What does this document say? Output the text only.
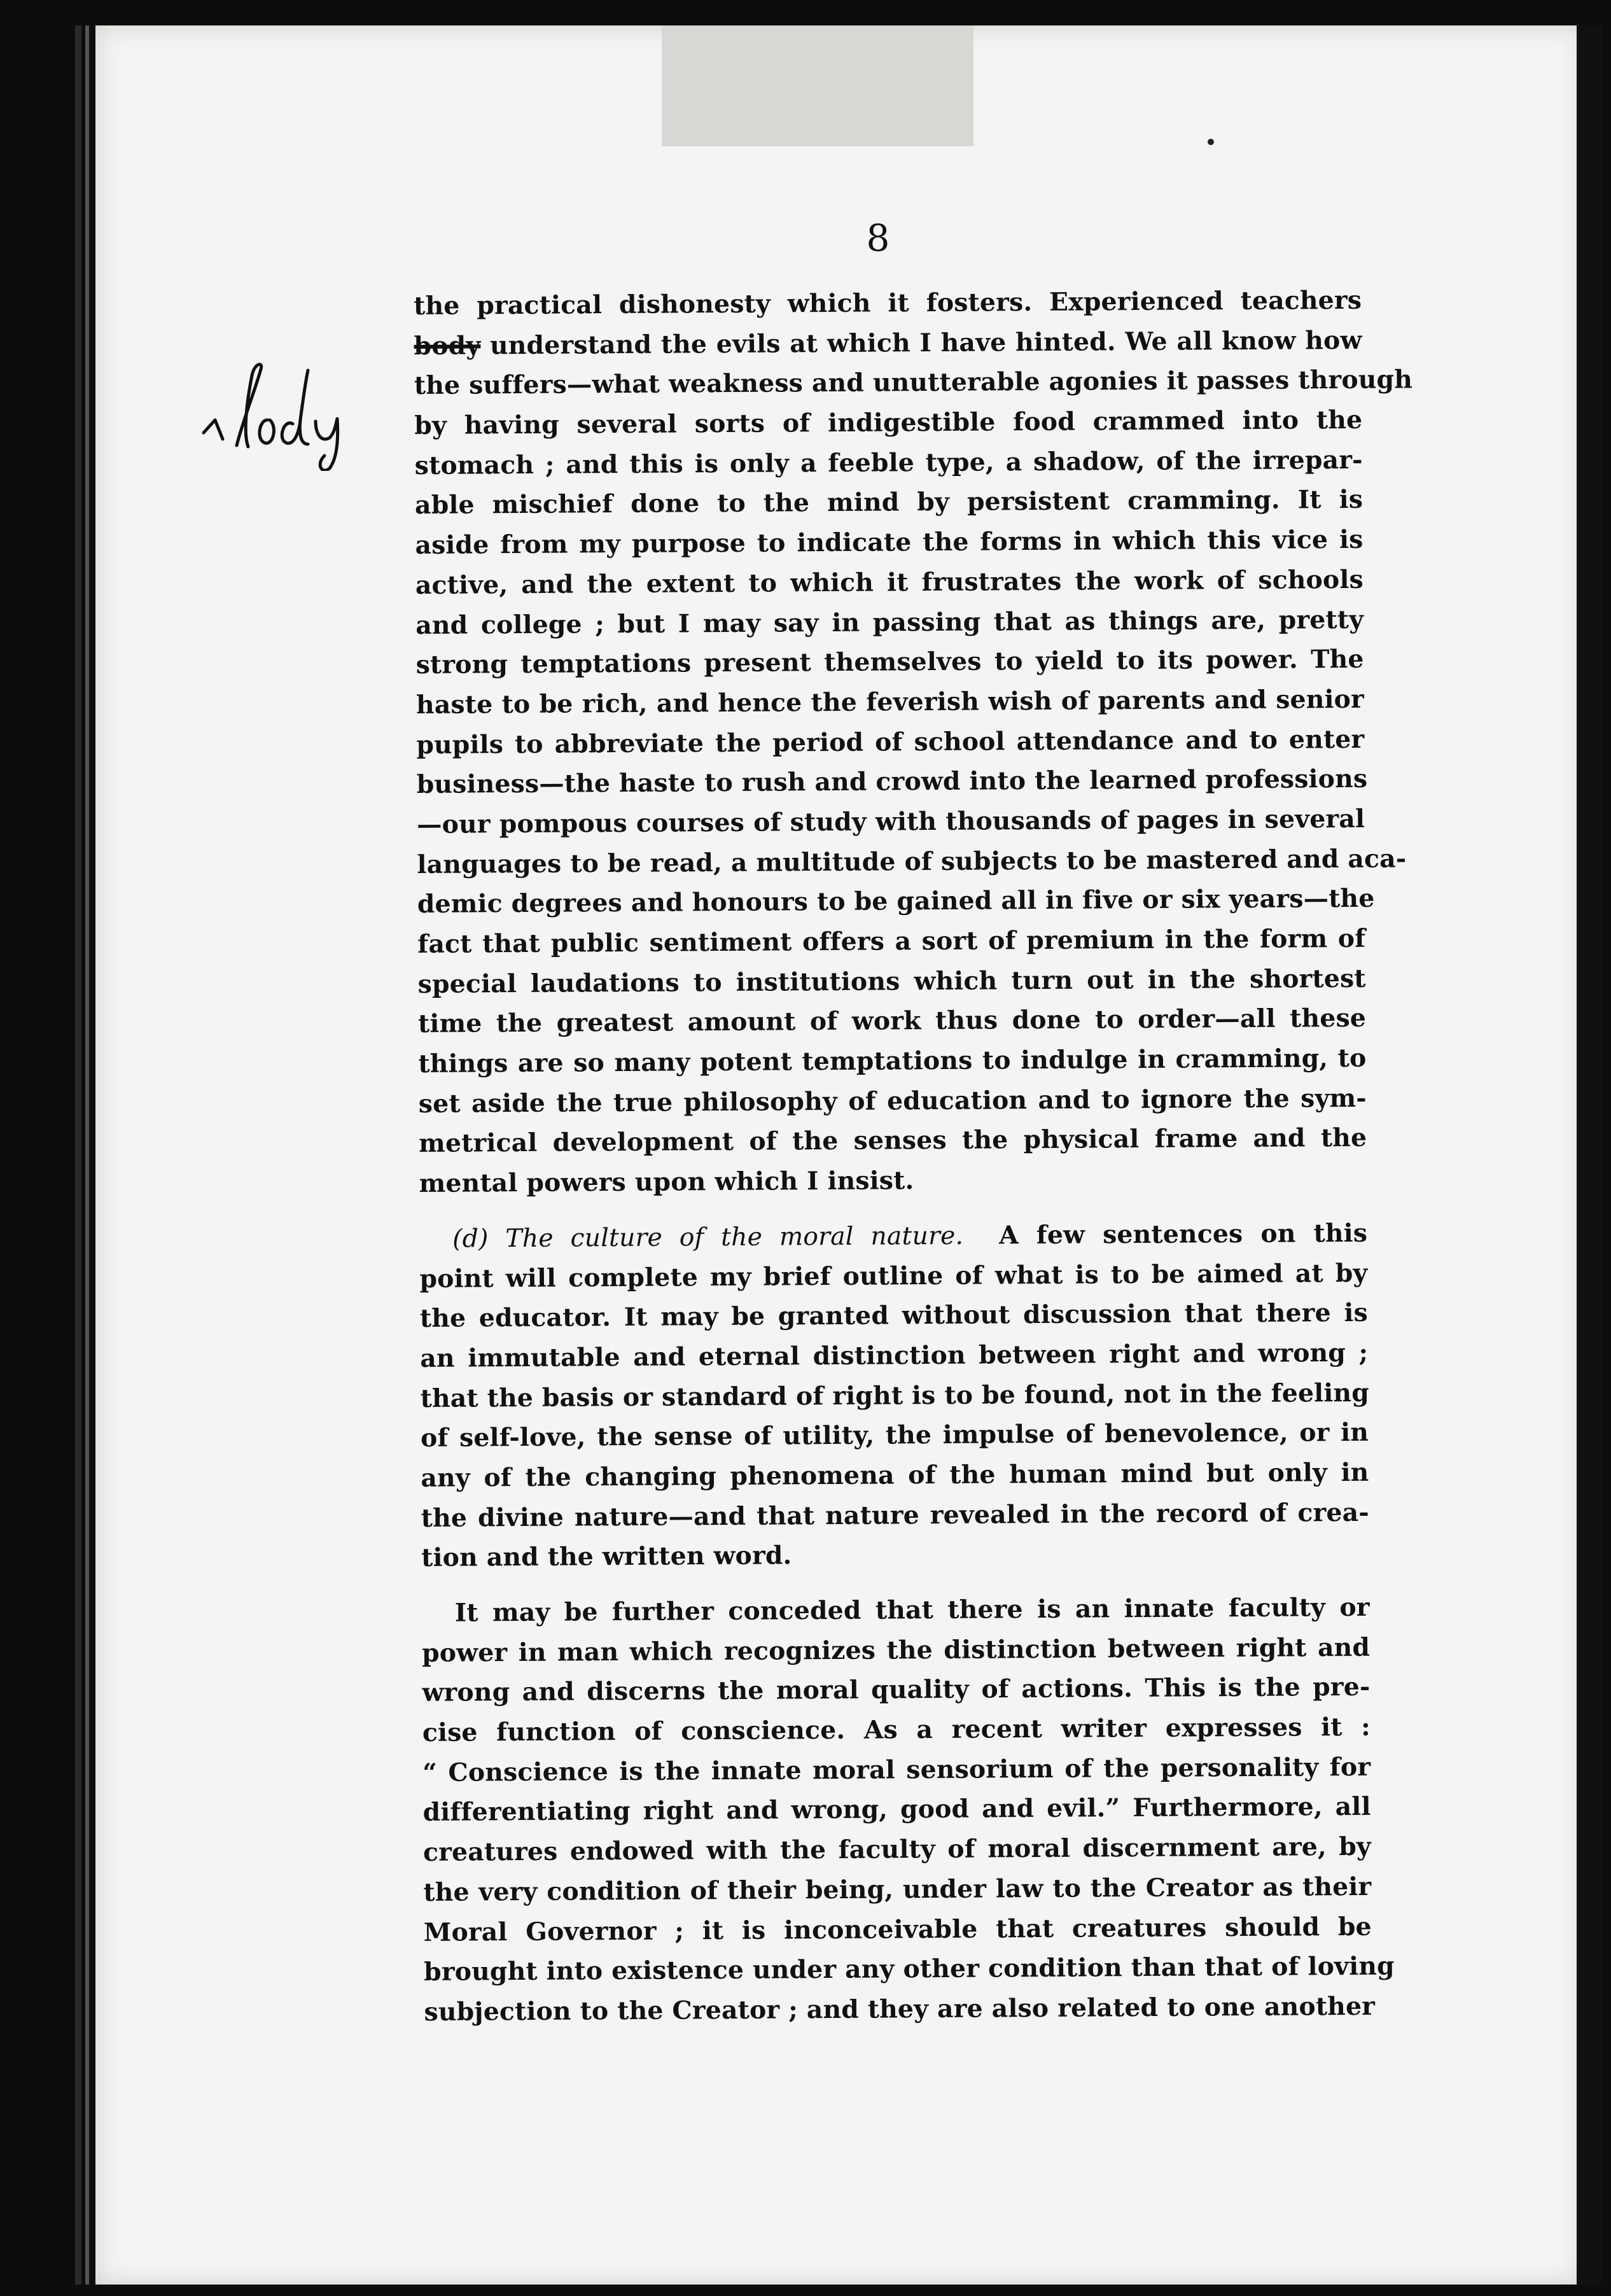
8
the practical dishonesty which it fosters. Experienced teachers
body understand the evils at which I have hinted. We all know how
the suffers—what weakness and unutterable agonies it passes through
by having several sorts of indigestible food crammed into the
stomach ; and this is only a feeble type, a shadow, of the irrepar-
able mischief done to the mind by persistent cramming. It is
aside from my purpose to indicate the forms in which this vice is
active, and the extent to which it frustrates the work of schools
and college ; but I may say in passing that as things are, pretty
strong temptations present themselves to yield to its power. The
haste to be rich, and hence the feverish wish of parents and senior
pupils to abbreviate the period of school attendance and to enter
business—the haste to rush and crowd into the learned professions
—our pompous courses of study with thousands of pages in several
languages to be read, a multitude of subjects to be mastered and aca-
demic degrees and honours to be gained all in five or six years—the
fact that public sentiment offers a sort of premium in the form of
special laudations to institutions which turn out in the shortest
time the greatest amount of work thus done to order—all these
things are so many potent temptations to indulge in cramming, to
set aside the true philosophy of education and to ignore the sym-
metrical development of the senses the physical frame and the
mental powers upon which I insist.
(d) The culture of the moral nature. A few sentences on this
point will complete my brief outline of what is to be aimed at by
the educator. It may be granted without discussion that there is
an immutable and eternal distinction between right and wrong ;
that the basis or standard of right is to be found, not in the feeling
of self-love, the sense of utility, the impulse of benevolence, or in
any of the changing phenomena of the human mind but only in
the divine nature—and that nature revealed in the record of crea-
tion and the written word.
It may be further conceded that there is an innate faculty or
power in man which recognizes the distinction between right and
wrong and discerns the moral quality of actions. This is the pre-
cise function of conscience. As a recent writer expresses it :
“ Conscience is the innate moral sensorium of the personality for
differentiating right and wrong, good and evil.” Furthermore, all
creatures endowed with the faculty of moral discernment are, by
the very condition of their being, under law to the Creator as their
Moral Governor ; it is inconceivable that creatures should be
brought into existence under any other condition than that of loving
subjection to the Creator ; and they are also related to one another
